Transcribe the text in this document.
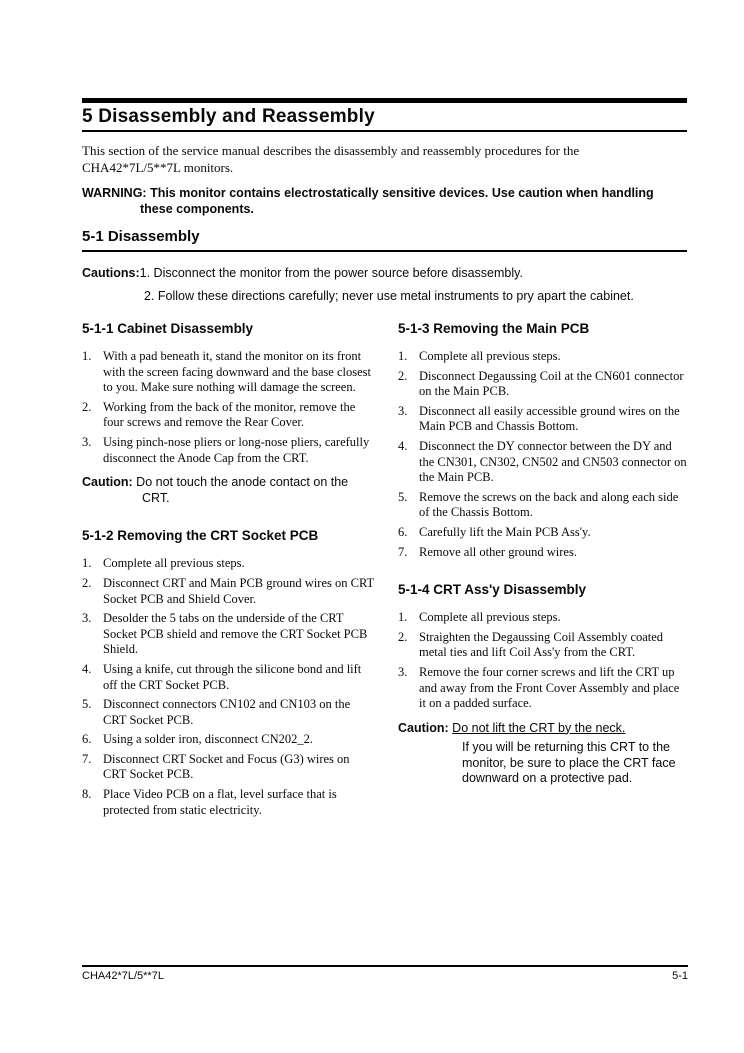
5 Disassembly and Reassembly

This section of the service manual describes the disassembly and reassembly procedures for the CHA42*7L/5**7L monitors.

WARNING: This monitor contains electrostatically sensitive devices. Use caution when handling these components.

5-1 Disassembly
Cautions:1. Disconnect the monitor from the power source before disassembly.
2. Follow these directions carefully; never use metal instruments to pry apart the cabinet.
5-1-1 Cabinet Disassembly
1. With a pad beneath it, stand the monitor on its front with the screen facing downward and the base closest to you. Make sure nothing will damage the screen.
2. Working from the back of the monitor, remove the four screws and remove the Rear Cover.
3. Using pinch-nose pliers or long-nose pliers, carefully disconnect the Anode Cap from the CRT.
Caution: Do not touch the anode contact on the CRT.
5-1-2 Removing the CRT Socket PCB
1. Complete all previous steps.
2. Disconnect CRT and Main PCB ground wires on CRT Socket PCB and Shield Cover.
3. Desolder the 5 tabs on the underside of the CRT Socket PCB shield and remove the CRT Socket PCB Shield.
4. Using a knife, cut through the silicone bond and lift off the CRT Socket PCB.
5. Disconnect connectors CN102 and CN103 on the CRT Socket PCB.
6. Using a solder iron, disconnect CN202_2.
7. Disconnect CRT Socket and Focus (G3) wires on CRT Socket PCB.
8. Place Video PCB on a flat, level surface that is protected from static electricity.
5-1-3 Removing the Main PCB
1. Complete all previous steps.
2. Disconnect Degaussing Coil at the CN601 connector on the Main PCB.
3. Disconnect all easily accessible ground wires on the Main PCB and Chassis Bottom.
4. Disconnect the DY connector between the DY and the CN301, CN302, CN502 and CN503 connector on the Main PCB.
5. Remove the screws on the back and along each side of the Chassis Bottom.
6. Carefully lift the Main PCB Ass'y.
7. Remove all other ground wires.
5-1-4 CRT Ass'y Disassembly
1. Complete all previous steps.
2. Straighten the Degaussing Coil Assembly coated metal ties and lift Coil Ass'y from the CRT.
3. Remove the four corner screws and lift the CRT up and away from the Front Cover Assembly and place it on a padded surface.
Caution: Do not lift the CRT by the neck.
If you will be returning this CRT to the monitor, be sure to place the CRT face downward on a protective pad.
CHA42*7L/5**7L	5-1
